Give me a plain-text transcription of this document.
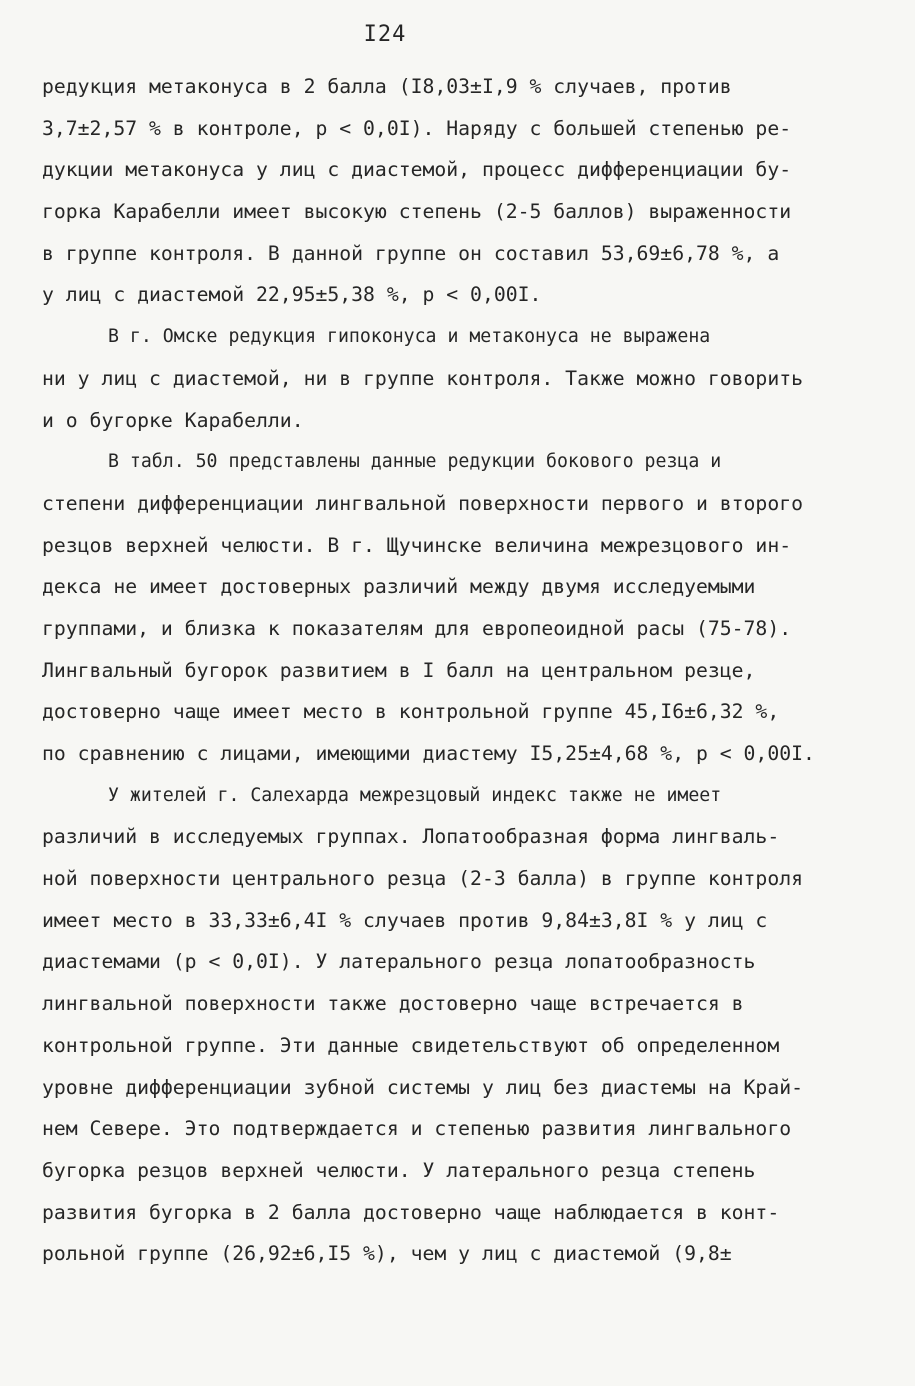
I24
редукция метаконуса в 2 балла (I8,03±I,9 % случаев, против
3,7±2,57 % в контроле, р < 0,0I). Наряду с большей степенью ре-
дукции метаконуса у лиц с диастемой, процесс дифференциации бу-
горка Карабелли имеет высокую степень (2-5 баллов) выраженности
в группе контроля. В данной группе он составил 53,69±6,78 %, а
у лиц с диастемой 22,95±5,38 %, р < 0,00I.
В г. Омске редукция гипоконуса и метаконуса не выражена
ни у лиц с диастемой, ни в группе контроля. Также можно говорить
и о бугорке Карабелли.
В табл. 50 представлены данные редукции бокового резца и
степени дифференциации лингвальной поверхности первого и второго
резцов верхней челюсти. В г. Щучинске величина межрезцового ин-
декса не имеет достоверных различий между двумя исследуемыми
группами, и близка к показателям для европеоидной расы (75-78).
Лингвальный бугорок развитием в I балл на центральном резце,
достоверно чаще имеет место в контрольной группе 45,I6±6,32 %,
по сравнению с лицами, имеющими диастему I5,25±4,68 %, р < 0,00I.
У жителей г. Салехарда межрезцовый индекс также не имеет
различий в исследуемых группах. Лопатообразная форма лингваль-
ной поверхности центрального резца (2-3 балла) в группе контроля
имеет место в 33,33±6,4I % случаев против 9,84±3,8I % у лиц с
диастемами (р < 0,0I). У латерального резца лопатообразность
лингвальной поверхности также достоверно чаще встречается в
контрольной группе. Эти данные свидетельствуют об определенном
уровне дифференциации зубной системы у лиц без диастемы на Край-
нем Севере. Это подтверждается и степенью развития лингвального
бугорка резцов верхней челюсти. У латерального резца степень
развития бугорка в 2 балла достоверно чаще наблюдается в конт-
рольной группе (26,92±6,I5 %), чем у лиц с диастемой (9,8±
